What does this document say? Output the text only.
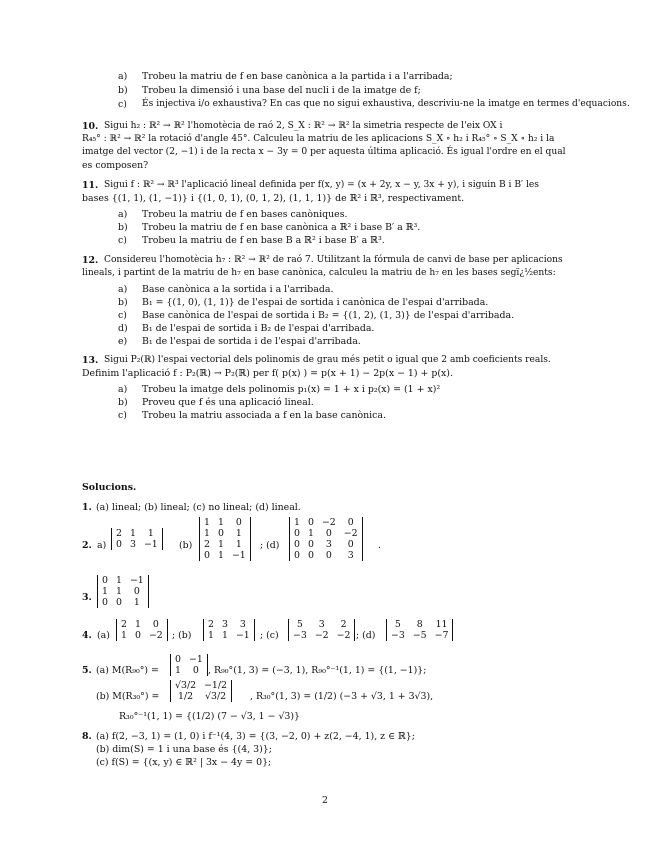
a) Trobeu la matriu de f en base canònica a la partida i a l'arribada;
b) Trobeu la dimensió i una base del nucli i de la imatge de f;
c) És injectiva i/o exhaustiva? En cas que no sigui exhaustiva, descriviu-ne la imatge en termes d'equacions.
10. Sigui h₂ : ℝ² → ℝ² l'homotècia de raó 2, S_X : ℝ² → ℝ² la simetria respecte de l'eix OX i
R₄₅° : ℝ² → ℝ² la rotació d'angle 45°. Calculeu la matriu de les aplicacions S_X ∘ h₂ i R₄₅° ∘ S_X ∘ h₂ i la
imatge del vector (2, −1) i de la recta x − 3y = 0 per aquesta última aplicació. És igual l'ordre en el qual
es composen?
11. Sigui f : ℝ² → ℝ³ l'aplicació lineal definida per f(x, y) = (x + 2y, x − y, 3x + y), i siguin B i B′ les
bases {(1, 1), (1, −1)} i {(1, 0, 1), (0, 1, 2), (1, 1, 1)} de ℝ² i ℝ³, respectivament.
a) Trobeu la matriu de f en bases canòniques.
b) Trobeu la matriu de f en base canònica a ℝ² i base B′ a ℝ³.
c) Trobeu la matriu de f en base B a ℝ² i base B′ a ℝ³.
12. Considereu l'homotècia h₇ : ℝ² → ℝ² de raó 7. Utilitzant la fórmula de canvi de base per aplicacions
lineals, i partint de la matriu de h₇ en base canònica, calculeu la matriu de h₇ en les bases segï¿½ents:
a) Base canònica a la sortida i a l'arribada.
b) B₁ = {(1, 0), (1, 1)} de l'espai de sortida i canònica de l'espai d'arribada.
c) Base canònica de l'espai de sortida i B₂ = {(1, 2), (1, 3)} de l'espai d'arribada.
d) B₁ de l'espai de sortida i B₂ de l'espai d'arribada.
e) B₁ de l'espai de sortida i de l'espai d'arribada.
13. Sigui P₂(ℝ) l'espai vectorial dels polinomis de grau més petit o igual que 2 amb coeficients reals.
Definim l'aplicació f : P₂(ℝ) → P₂(ℝ) per f( p(x) ) = p(x + 1) − 2p(x − 1) + p(x).
a) Trobeu la imatge dels polinomis p₁(x) = 1 + x i p₂(x) = (1 + x)²
b) Proveu que f és una aplicació lineal.
c) Trobeu la matriu associada a f en la base canònica.
Solucions.
1. (a) lineal; (b) lineal; (c) no lineal; (d) lineal.
2. a)
2	1	1
0	3	−1 (b)
1	1	0
1	0	1
2	1	1
0	1	−1
; (d)
1	0	−2	0
0	1	0	−2
0	0	3	0
0	0	0	3
.
3.
0	1	−1
1	1	0
0	0	1
4. (a)
2	1	0
1	0	−2 ; (b)
2	3	3
1	1	−1 ; (c)
5	3	2
−3	−2	−2 ; (d)
5	8	11
−3	−5	−7
5. (a) M(R₉₀°) =
0	−1
1	0 , R₉₀°(1, 3) = (−3, 1), R₉₀°⁻¹(1, 1) = {(1, −1)};
(b) M(R₃₀°) =
√3/2	−1/2
1/2	√3/2	, R₃₀°(1, 3) = (1/2) (−3 + √3, 1 + 3√3),
R₃₀°⁻¹(1, 1) = {(1/2) (7 − √3, 1 − √3)}
8. (a) f(2, −3, 1) = (1, 0) i f⁻¹(4, 3) = {(3, −2, 0) + z(2, −4, 1), z ∈ ℝ};
(b) dim(S) = 1 i una base és {(4, 3)};
(c) f(S) = {(x, y) ∈ ℝ² | 3x − 4y = 0};
2
